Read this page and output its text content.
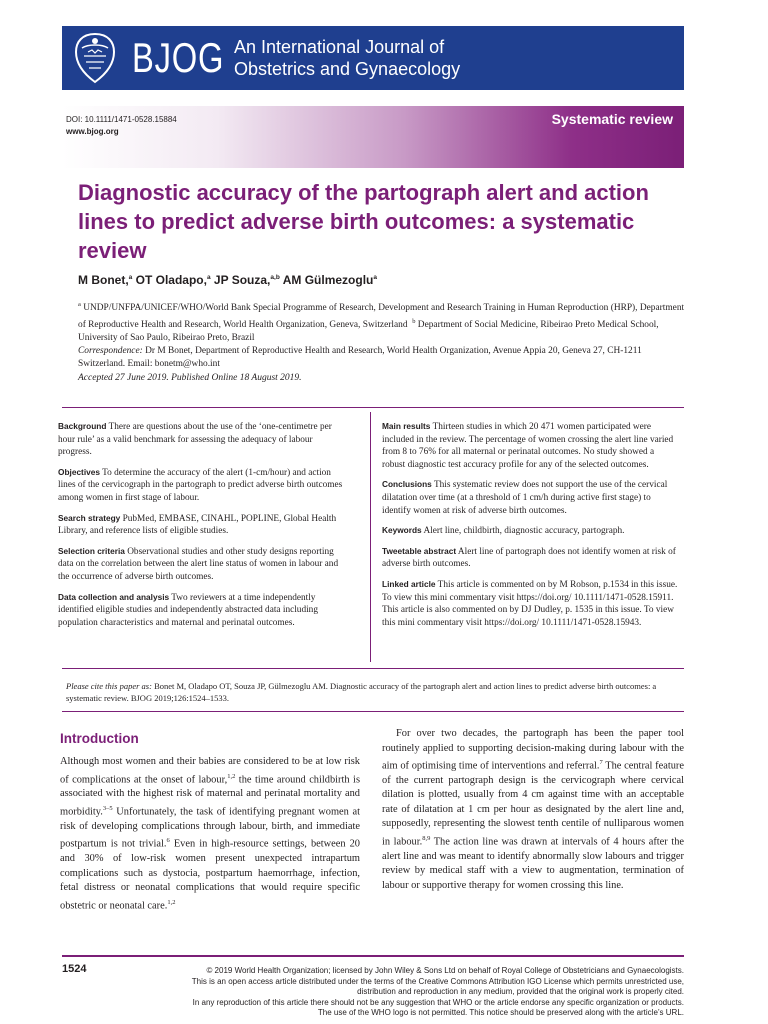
BJOG An International Journal of
Obstetrics and Gynaecology
DOI: 10.1111/1471-0528.15884
www.bjog.org
Systematic review
Diagnostic accuracy of the partograph alert and action lines to predict adverse birth outcomes: a systematic review
M Bonet,$^a$ OT Oladapo,$^a$ JP Souza,$^{a,b}$ AM Gülmezoglu$^a$
$^a$ UNDP/UNFPA/UNICEF/WHO/World Bank Special Programme of Research, Development and Research Training in Human Reproduction (HRP), Department of Reproductive Health and Research, World Health Organization, Geneva, Switzerland $^b$ Department of Social Medicine, Ribeirao Preto Medical School, University of Sao Paulo, Ribeirao Preto, Brazil
Correspondence: Dr M Bonet, Department of Reproductive Health and Research, World Health Organization, Avenue Appia 20, Geneva 27, CH-1211 Switzerland. Email: bonetm@who.int
Accepted 27 June 2019. Published Online 18 August 2019.

Background There are questions about the use of the ‘one-centimetre per hour rule’ as a valid benchmark for assessing the adequacy of labour progress.

Objectives To determine the accuracy of the alert (1-cm/hour) and action lines of the cervicograph in the partograph to predict adverse birth outcomes among women in first stage of labour.

Search strategy PubMed, EMBASE, CINAHL, POPLINE, Global Health Library, and reference lists of eligible studies.

Selection criteria Observational studies and other study designs reporting data on the correlation between the alert line status of women in labour and the occurrence of adverse birth outcomes.

Data collection and analysis Two reviewers at a time independently identified eligible studies and independently abstracted data including population characteristics and maternal and perinatal outcomes.

Main results Thirteen studies in which 20 471 women participated were included in the review. The percentage of women crossing the alert line varied from 8 to 76% for all maternal or perinatal outcomes. No study showed a robust diagnostic test accuracy profile for any of the selected outcomes.

Conclusions This systematic review does not support the use of the cervical dilatation over time (at a threshold of 1 cm/h during active first stage) to identify women at risk of adverse birth outcomes.

Keywords Alert line, childbirth, diagnostic accuracy, partograph.

Tweetable abstract Alert line of partograph does not identify women at risk of adverse birth outcomes.

Linked article This article is commented on by M Robson, p.1534 in this issue. To view this mini commentary visit https://doi.org/ 10.1111/1471-0528.15911. This article is also commented on by DJ Dudley, p. 1535 in this issue. To view this mini commentary visit https://doi.org/ 10.1111/1471-0528.15943.

Please cite this paper as: Bonet M, Oladapo OT, Souza JP, Gülmezoglu AM. Diagnostic accuracy of the partograph alert and action lines to predict adverse birth outcomes: a systematic review. BJOG 2019;126:1524–1533.
Introduction

Although most women and their babies are considered to be at low risk of complications at the onset of labour,$^{1,2}$ the time around childbirth is associated with the highest risk of maternal and perinatal mortality and morbidity.$^{3-5}$ Unfortunately, the task of identifying pregnant women at risk of developing complications through labour, birth, and immediate postpartum is not trivial.$^6$ Even in high-resource settings, between 20 and 30% of low-risk women present unexpected intrapartum complications such as dystocia, postpartum haemorrhage, infection, fetal distress or neonatal complications that would require specific obstetric or neonatal care.$^{1,2}$

For over two decades, the partograph has been the paper tool routinely applied to supporting decision-making during labour with the aim of optimising time of interventions and referral.$^7$ The central feature of the current partograph design is the cervicograph where cervical dilation is plotted, usually from 4 cm against time with an acceptable rate of dilatation at 1 cm per hour as designated by the alert line and, supposedly, representing the slowest tenth centile of nulliparous women in labour.$^{8,9}$ The action line was drawn at intervals of 4 hours after the alert line and was meant to identify abnormally slow labours and trigger review by medical staff with a view to augmentation, termination of labour or supportive therapy for women crossing this line.

1524	© 2019 World Health Organization; licensed by John Wiley & Sons Ltd on behalf of Royal College of Obstetricians and Gynaecologists.
This is an open access article distributed under the terms of the Creative Commons Attribution IGO License which permits unrestricted use,
distribution and reproduction in any medium, provided that the original work is properly cited.
In any reproduction of this article there should not be any suggestion that WHO or the article endorse any specific organization or products.
The use of the WHO logo is not permitted. This notice should be preserved along with the article’s URL.
